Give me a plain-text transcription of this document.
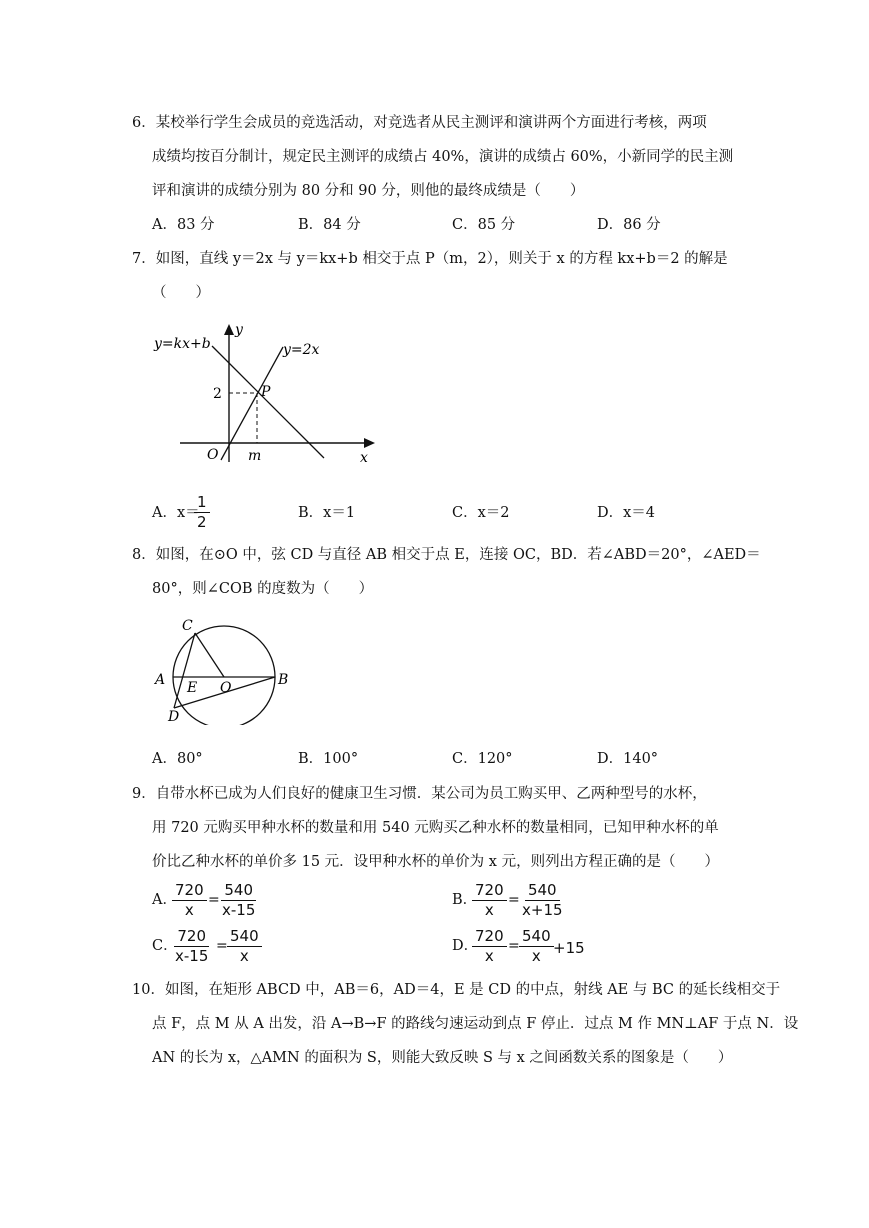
6．某校举行学生会成员的竞选活动，对竞选者从民主测评和演讲两个方面进行考核，两项
成绩均按百分制计，规定民主测评的成绩占 40%，演讲的成绩占 60%，小新同学的民主测
评和演讲的成绩分别为 80 分和 90 分，则他的最终成绩是（　　）
A．83 分	B．84 分	C．85 分	D．86 分
7．如图，直线 y＝2x 与 y＝kx+b 相交于点 P（m，2），则关于 x 的方程 kx+b＝2 的解是
（　　）
y=kx+b	y=2x
y
x
O m
2	P
A．x＝
$\frac{1}{2}$	B．x＝1	C．x＝2	D．x＝4
8．如图，在⊙O 中，弦 CD 与直径 AB 相交于点 E，连接 OC，BD．若∠ABD＝20°，∠AED＝
80°，则∠COB 的度数为（　　）
C
A	B
E O
D
A．80°	B．100°	C．120°	D．140°
9．自带水杯已成为人们良好的健康卫生习惯．某公司为员工购买甲、乙两种型号的水杯，
用 720 元购买甲种水杯的数量和用 540 元购买乙种水杯的数量相同，已知甲种水杯的单
价比乙种水杯的单价多 15 元．设甲种水杯的单价为 x 元，则列出方程正确的是（　　）
A．
$\frac{720}{x} = \frac{540}{x-15}$	B．
$\frac{720}{x} = \frac{540}{x+15}$
C．
$\frac{720}{x-15} = \frac{540}{x}$	D．
$\frac{720}{x} = \frac{540}{x} +15$
10．如图，在矩形 ABCD 中，AB＝6，AD＝4，E 是 CD 的中点，射线 AE 与 BC 的延长线相交于
点 F，点 M 从 A 出发，沿 A→B→F 的路线匀速运动到点 F 停止．过点 M 作 MN⊥AF 于点 N．设
AN 的长为 x，△AMN 的面积为 S，则能大致反映 S 与 x 之间函数关系的图象是（　　）
